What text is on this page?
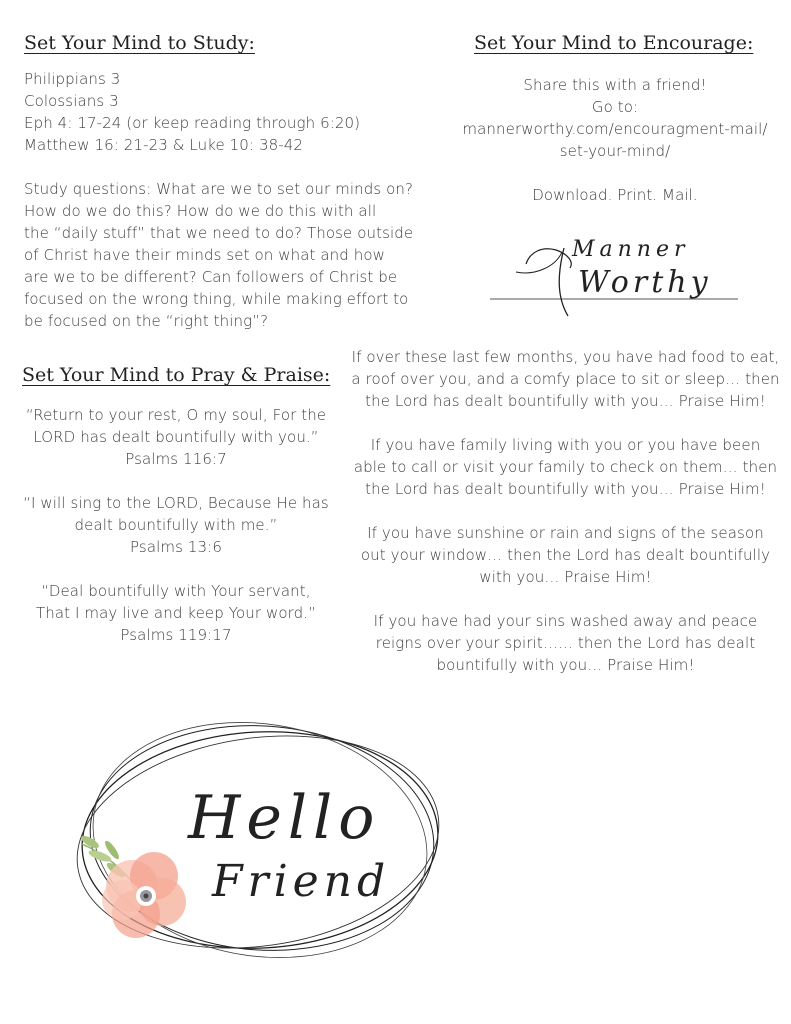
Set Your Mind to Study:
Philippians 3
Colossians 3
Eph 4: 17-24 (or keep reading through 6:20)
Matthew 16: 21-23 & Luke 10: 38-42
Study questions: What are we to set our minds on?
How do we do this? How do we do this with all
the “daily stuff” that we need to do? Those outside
of Christ have their minds set on what and how
are we to be different? Can followers of Christ be
focused on the wrong thing, while making effort to
be focused on the “right thing”?
Set Your Mind to Encourage:
Share this with a friend!
Go to:
mannerworthy.com/encouragment-mail/
set-your-mind/
Download. Print. Mail.
Manner
Worthy
Set Your Mind to Pray & Praise:
“Return to your rest, O my soul, For the
LORD has dealt bountifully with you.”
Psalms 116:7
“I will sing to the LORD, Because He has
dealt bountifully with me.”
Psalms 13:6
“Deal bountifully with Your servant,
That I may live and keep Your word.”
Psalms 119:17
If over these last few months, you have had food to eat,
a roof over you, and a comfy place to sit or sleep… then
the Lord has dealt bountifully with you… Praise Him!
If you have family living with you or you have been
able to call or visit your family to check on them… then
the Lord has dealt bountifully with you… Praise Him!
If you have sunshine or rain and signs of the season
out your window… then the Lord has dealt bountifully
with you… Praise Him!
If you have had your sins washed away and peace
reigns over your spirit…… then the Lord has dealt
bountifully with you… Praise Him!
Hello
Friend
